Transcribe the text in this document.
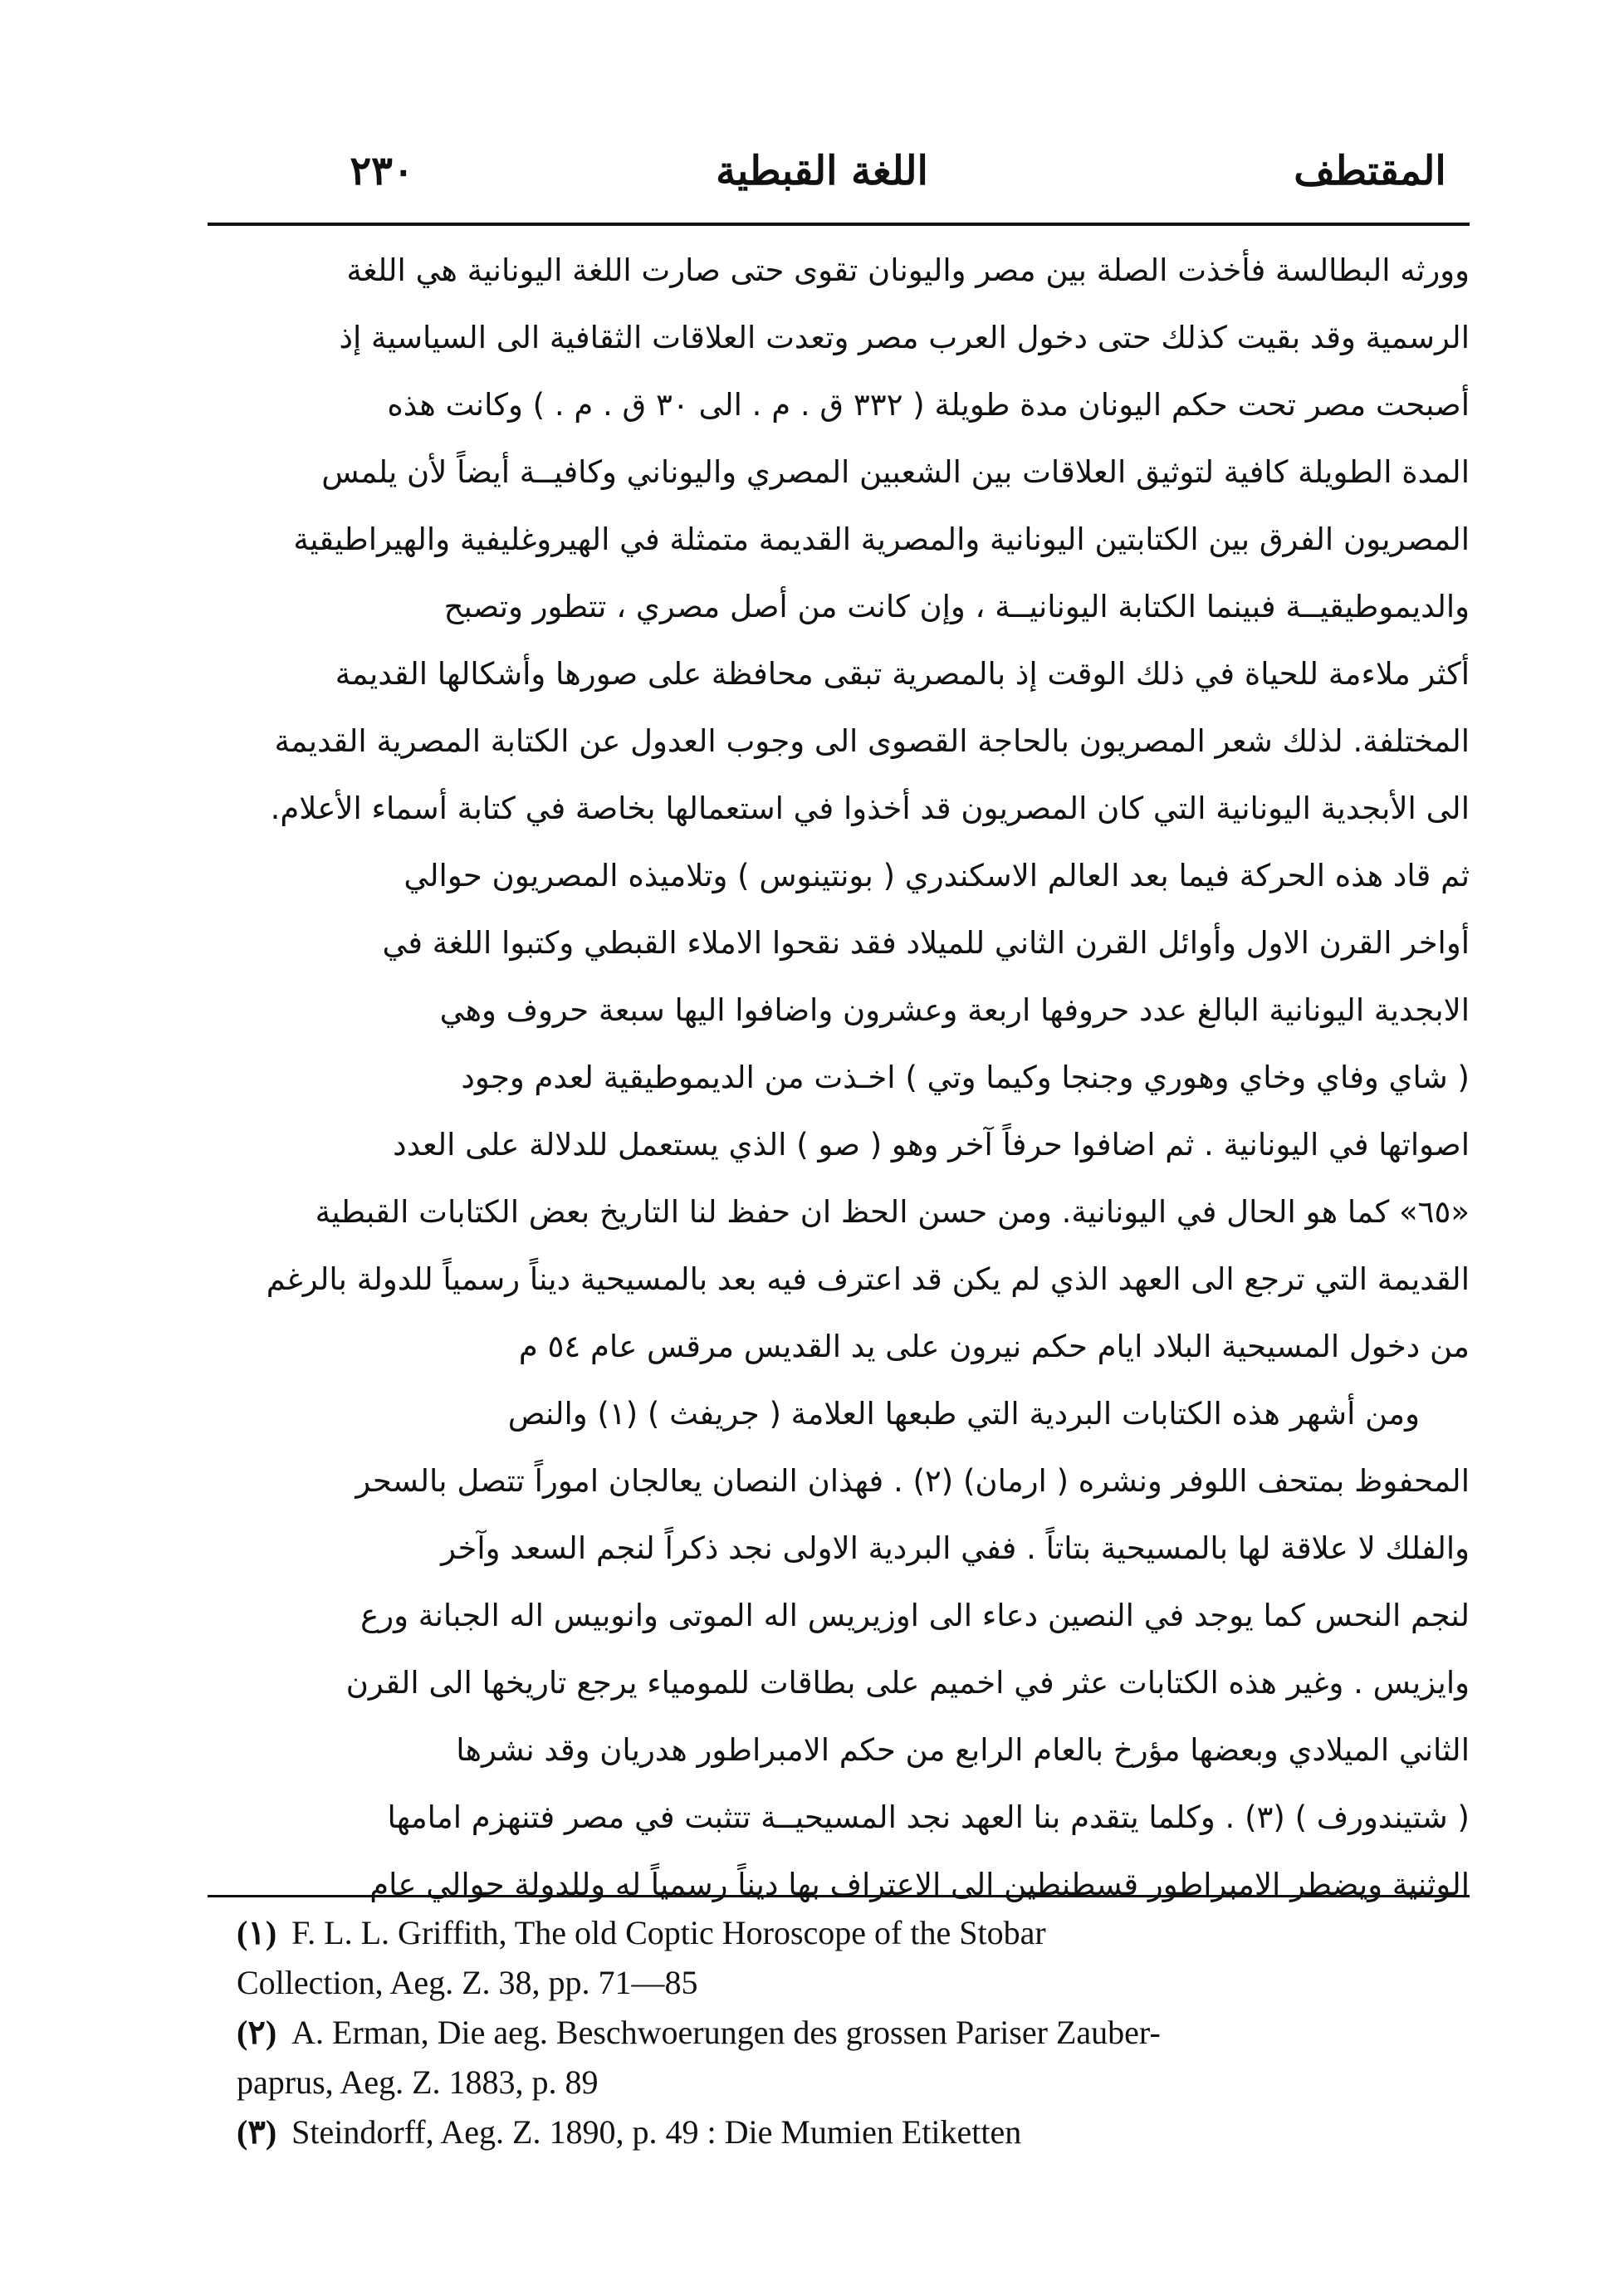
٢٣٠	اللغة القبطية	المقتطف
وورثه البطالسة فأخذت الصلة بين مصر واليونان تقوى حتى صارت اللغة اليونانية هي اللغة
الرسمية وقد بقيت كذلك حتى دخول العرب مصر وتعدت العلاقات الثقافية الى السياسية إذ
أصبحت مصر تحت حكم اليونان مدة طويلة ( ٣٣٢ ق . م . الى ٣٠ ق . م . ) وكانت هذه
المدة الطويلة كافية لتوثيق العلاقات بين الشعبين المصري واليوناني وكافيــة أيضاً لأن يلمس
المصريون الفرق بين الكتابتين اليونانية والمصرية القديمة متمثلة في الهيروغليفية والهيراطيقية
والديموطيقيــة فبينما الكتابة اليونانيــة ، وإن كانت من أصل مصري ، تتطور وتصبح
أكثر ملاءمة للحياة في ذلك الوقت إذ بالمصرية تبقى محافظة على صورها وأشكالها القديمة
المختلفة. لذلك شعر المصريون بالحاجة القصوى الى وجوب العدول عن الكتابة المصرية القديمة
الى الأبجدية اليونانية التي كان المصريون قد أخذوا في استعمالها بخاصة في كتابة أسماء الأعلام.
ثم قاد هذه الحركة فيما بعد العالم الاسكندري ( بونتينوس ) وتلاميذه المصريون حوالي
أواخر القرن الاول وأوائل القرن الثاني للميلاد فقد نقحوا الاملاء القبطي وكتبوا اللغة في
الابجدية اليونانية البالغ عدد حروفها اربعة وعشرون واضافوا اليها سبعة حروف وهي
( شاي وفاي وخاي وهوري وجنجا وكيما وتي ) اخـذت من الديموطيقية لعدم وجود
اصواتها في اليونانية . ثم اضافوا حرفاً آخر وهو ( صو ) الذي يستعمل للدلالة على العدد
«٦٥» كما هو الحال في اليونانية. ومن حسن الحظ ان حفظ لنا التاريخ بعض الكتابات القبطية
القديمة التي ترجع الى العهد الذي لم يكن قد اعترف فيه بعد بالمسيحية ديناً رسمياً للدولة بالرغم
من دخول المسيحية البلاد ايام حكم نيرون على يد القديس مرقس عام ٥٤ م
ومن أشهر هذه الكتابات البردية التي طبعها العلامة ( جريفث ) (١) والنص
المحفوظ بمتحف اللوفر ونشره ( ارمان) (٢) . فهذان النصان يعالجان اموراً تتصل بالسحر
والفلك لا علاقة لها بالمسيحية بتاتاً . ففي البردية الاولى نجد ذكراً لنجم السعد وآخر
لنجم النحس كما يوجد في النصين دعاء الى اوزيريس اله الموتى وانوبيس اله الجبانة ورع
وايزيس . وغير هذه الكتابات عثر في اخميم على بطاقات للمومياء يرجع تاريخها الى القرن
الثاني الميلادي وبعضها مؤرخ بالعام الرابع من حكم الامبراطور هدريان وقد نشرها
( شتيندورف ) (٣) . وكلما يتقدم بنا العهد نجد المسيحيــة تتثبت في مصر فتنهزم امامها
الوثنية ويضطر الامبراطور قسطنطين الى الاعتراف بها ديناً رسمياً له وللدولة حوالي عام
(١) F. L. L. Griffith, The old Coptic Horoscope of the Stobar
Collection, Aeg. Z. 38, pp. 71—85
(٢) A. Erman, Die aeg. Beschwoerungen des grossen Pariser Zauber-
paprus, Aeg. Z. 1883, p. 89
(٣) Steindorff, Aeg. Z. 1890, p. 49 : Die Mumien Etiketten
